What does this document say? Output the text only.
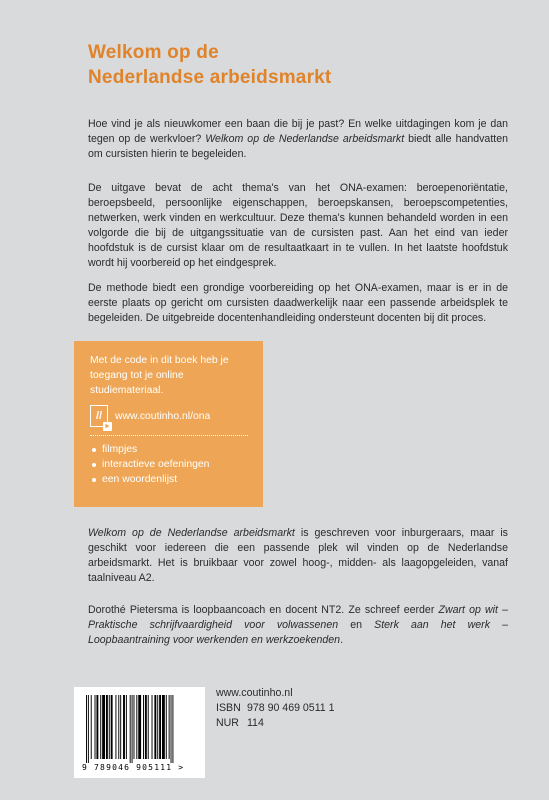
Welkom op de
Nederlandse arbeidsmarkt
Hoe vind je als nieuwkomer een baan die bij je past? En welke uitdagingen kom je dan tegen op de werkvloer? Welkom op de Nederlandse arbeidsmarkt biedt alle handvatten om cursisten hierin te begeleiden.
De uitgave bevat de acht thema's van het ONA-examen: beroepenoriëntatie, beroepsbeeld, persoonlijke eigenschappen, beroepskansen, beroepscompetenties, netwerken, werk vinden en werkcultuur. Deze thema's kunnen behandeld worden in een volgorde die bij de uitgangssituatie van de cursisten past. Aan het eind van ieder hoofdstuk is de cursist klaar om de resultaatkaart in te vullen. In het laatste hoofdstuk wordt hij voorbereid op het eindgesprek.
De methode biedt een grondige voorbereiding op het ONA-examen, maar is er in de eerste plaats op gericht om cursisten daadwerkelijk naar een passende arbeidsplek te begeleiden. De uitgebreide docentenhandleiding ondersteunt docenten bij dit proces.
Met de code in dit boek heb je toegang tot je online studiemateriaal.
//
►
www.coutinho.nl/ona
filmpjes
interactieve oefeningen
een woordenlijst
Welkom op de Nederlandse arbeidsmarkt is geschreven voor inburgeraars, maar is geschikt voor iedereen die een passende plek wil vinden op de Nederlandse arbeidsmarkt. Het is bruikbaar voor zowel hoog-, midden- als laagopgeleiden, vanaf taalniveau A2.
Dorothé Pietersma is loopbaancoach en docent NT2. Ze schreef eerder Zwart op wit – Praktische schrijfvaardigheid voor volwassenen en Sterk aan het werk – Loopbaantraining voor werkenden en werkzoekenden.
9 789046 905111 >
www.coutinho.nl
ISBN 978 90 469 0511 1
NUR 114
